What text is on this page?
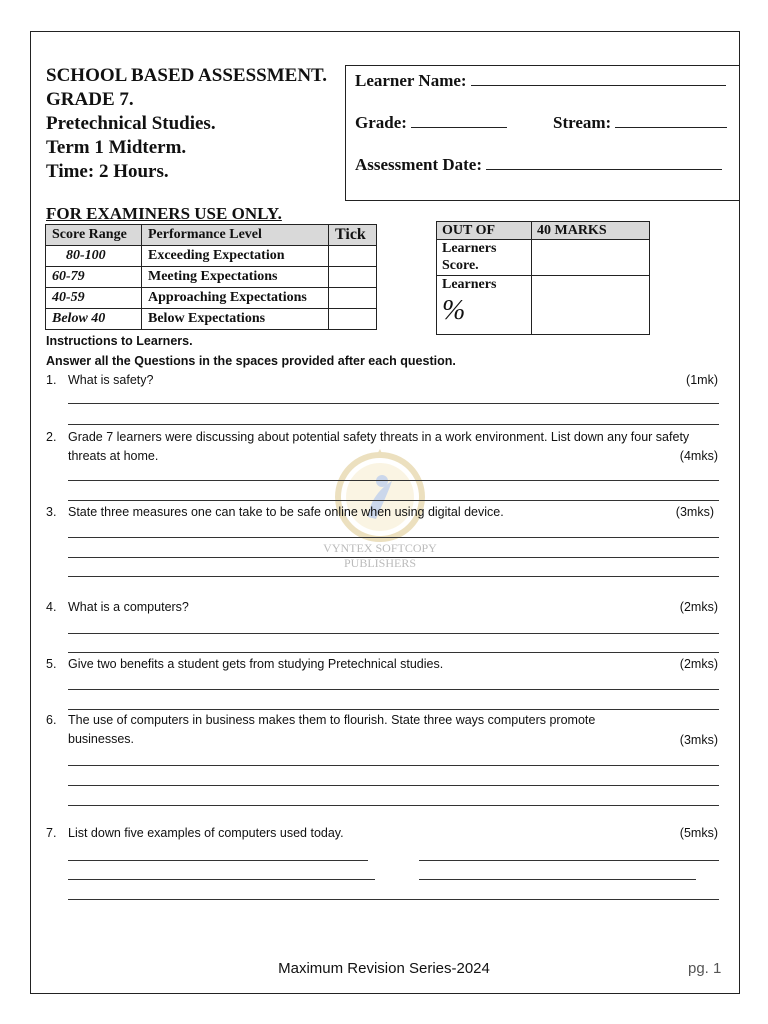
SCHOOL BASED ASSESSMENT.
GRADE 7.
Pretechnical Studies.
Term 1 Midterm.
Time: 2 Hours.
Learner Name:
Grade:	Stream:
Assessment Date:
FOR EXAMINERS USE ONLY.
Score Range	Performance Level	Tick
80-100	Exceeding Expectation	
60-79	Meeting Expectations	
40-59	Approaching Expectations	
Below 40	Below Expectations	
OUT OF	40 MARKS
Learners Score.	

Learners
%	

Instructions to Learners.
Answer all the Questions in the spaces provided after each question.
VYNTEX SOFTCOPY
PUBLISHERS
1. What is safety?	(1mk)
2. Grade 7 learners were discussing about potential safety threats in a work environment. List down any four safety threats at home.	(4mks)
3. State three measures one can take to be safe online when using digital device.	(3mks)
4. What is a computers?	(2mks)
5. Give two benefits a student gets from studying Pretechnical studies.	(2mks)
6. The use of computers in business makes them to flourish. State three ways computers promote businesses.	(3mks)
7. List down five examples of computers used today.	(5mks)
Maximum Revision Series-2024	pg. 1
